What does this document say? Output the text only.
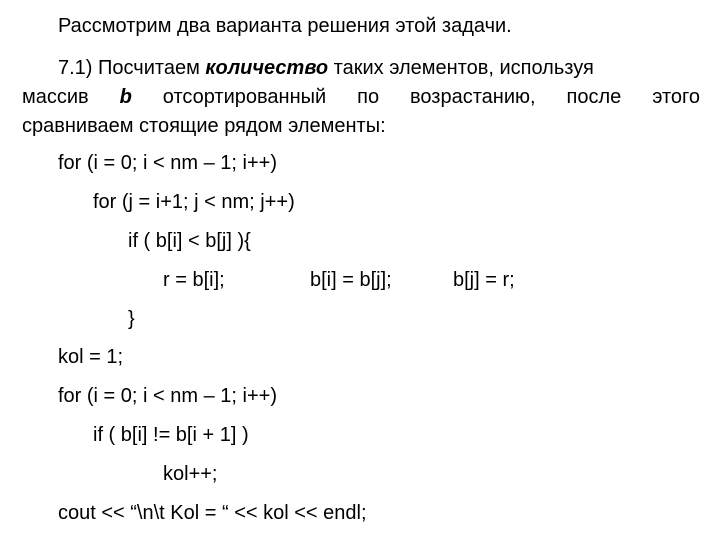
Рассмотрим два варианта решения этой задачи.
7.1) Посчитаем количество таких элементов, используя
массив b отсортированный по возрастанию, после этого
сравниваем стоящие рядом элементы:
for (i = 0; i < nm – 1; i++)
for (j = i+1; j < nm; j++)
if ( b[i] < b[j] ){
r = b[i];	b[i] = b[j];	b[j] = r;
}
kol = 1;
for (i = 0; i < nm – 1; i++)
if ( b[i] != b[i + 1] )
kol++;
cout << “\n\t Kol = “ << kol << endl;
